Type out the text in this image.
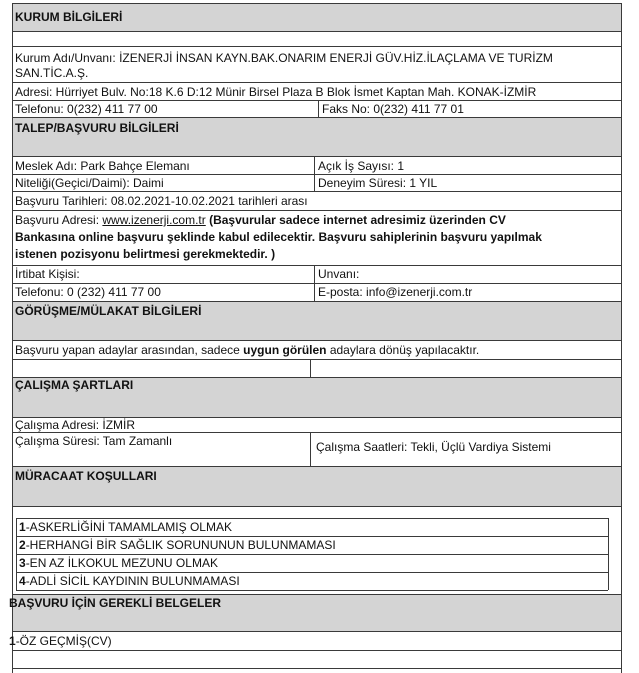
KURUM BİLGİLERİ
Kurum Adı/Unvanı: İZENERJİ İNSAN KAYN.BAK.ONARIM ENERJİ GÜV.HİZ.İLAÇLAMA VE TURİZM
SAN.TİC.A.Ş.
Adresi: Hürriyet Bulv. No:18 K.6 D:12 Münir Birsel Plaza B Blok İsmet Kaptan Mah. KONAK-İZMİR
Telefonu: 0(232) 411 77 00	Faks No: 0(232) 411 77 01
TALEP/BAŞVURU BİLGİLERİ
Meslek Adı: Park Bahçe Elemanı	Açık İş Sayısı: 1
Niteliği(Geçici/Daimi): Daimi	Deneyim Süresi: 1 YIL
Başvuru Tarihleri: 08.02.2021-10.02.2021 tarihleri arası
Başvuru Adresi: www.izenerji.com.tr (Başvurular sadece internet adresimiz üzerinden CV
Bankasına online başvuru şeklinde kabul edilecektir. Başvuru sahiplerinin başvuru yapılmak
istenen pozisyonu belirtmesi gerekmektedir. )
İrtibat Kişisi:	Unvanı:
Telefonu: 0 (232) 411 77 00	E-posta: info@izenerji.com.tr
GÖRÜŞME/MÜLAKAT BİLGİLERİ
Başvuru yapan adaylar arasından, sadece uygun görülen adaylara dönüş yapılacaktır.
ÇALIŞMA ŞARTLARI
Çalışma Adresi: İZMİR
Çalışma Süresi: Tam Zamanlı	Çalışma Saatleri: Tekli, Üçlü Vardiya Sistemi
MÜRACAAT KOŞULLARI
1-ASKERLİĞİNİ TAMAMLAMIŞ OLMAK
2-HERHANGİ BİR SAĞLIK SORUNUNUN BULUNMAMASI
3-EN AZ İLKOKUL MEZUNU OLMAK
4-ADLİ SİCİL KAYDININ BULUNMAMASI
BAŞVURU İÇİN GEREKLİ BELGELER
1-ÖZ GEÇMİŞ(CV)
